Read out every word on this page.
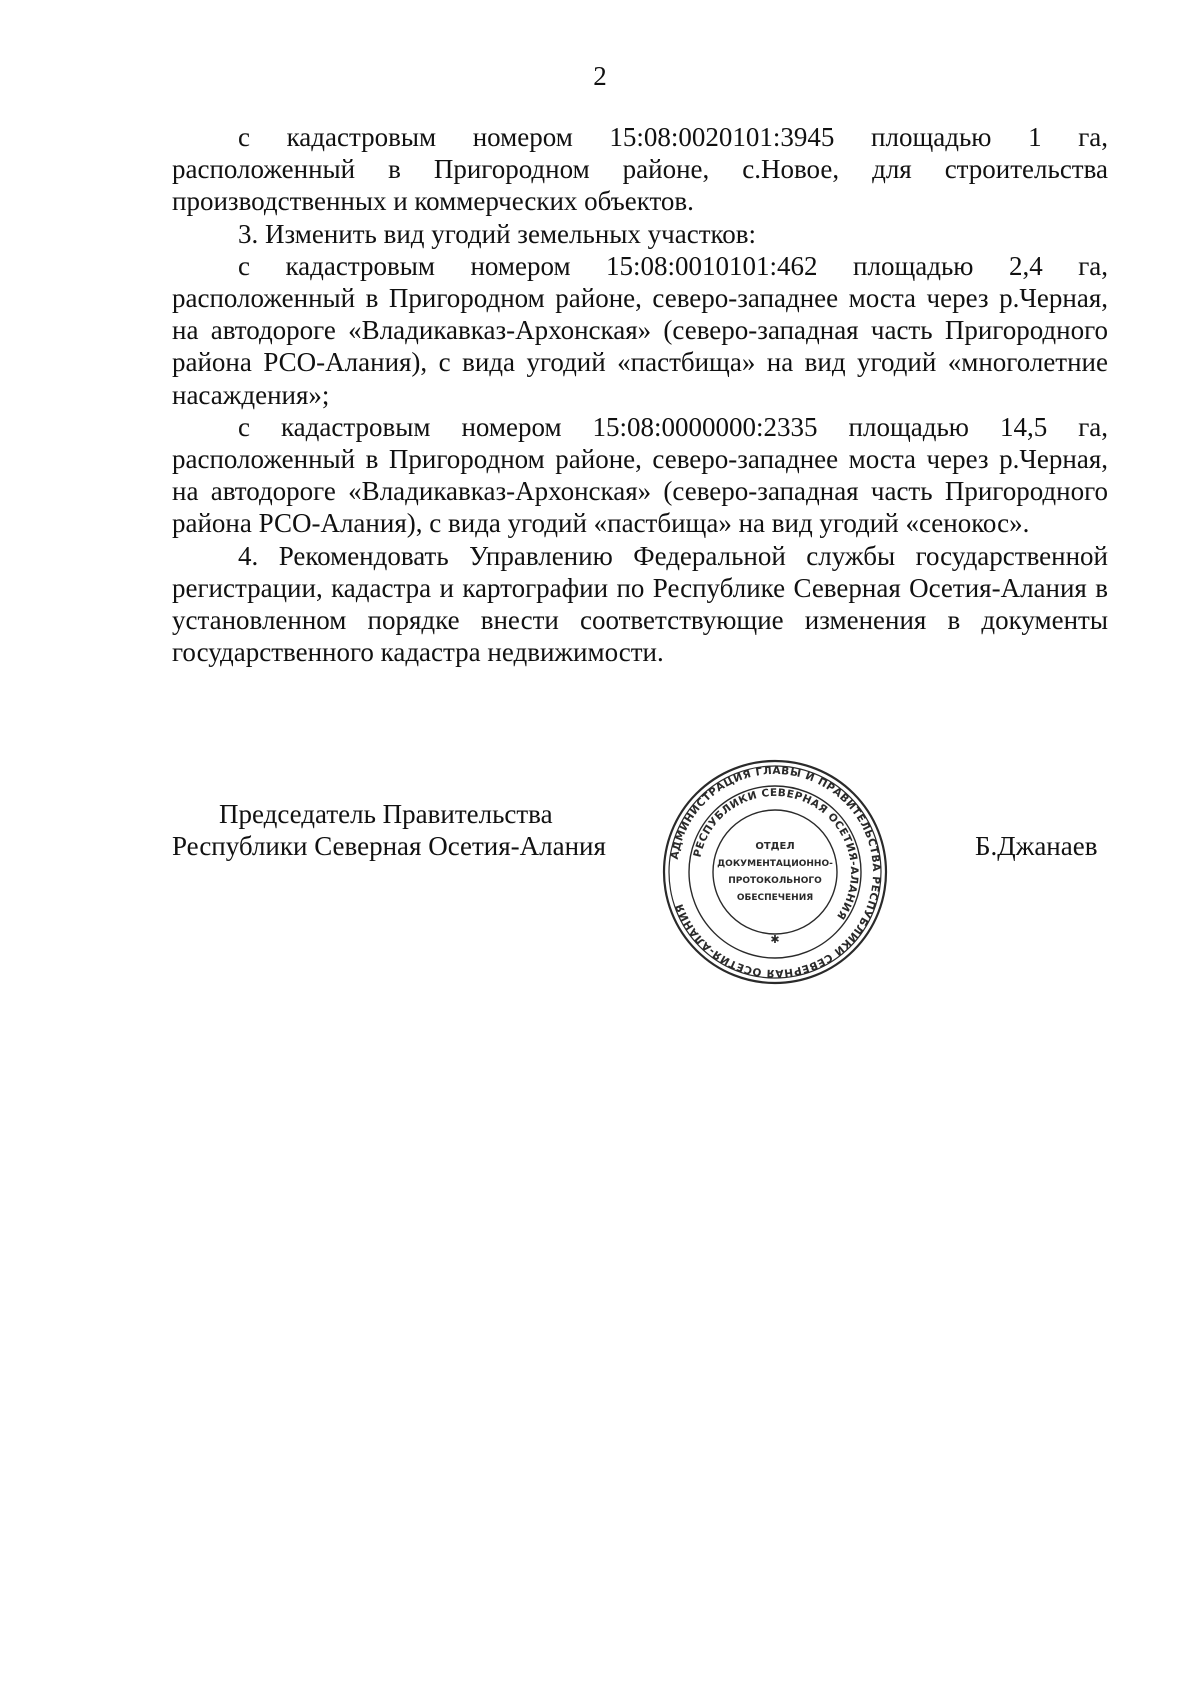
2

с кадастровым номером 15:08:0020101:3945 площадью 1 га, расположенный в Пригородном районе, с.Новое, для строительства производственных и коммерческих объектов.

3. Изменить вид угодий земельных участков:

с кадастровым номером 15:08:0010101:462 площадью 2,4 га, расположенный в Пригородном районе, северо-западнее моста через р.Черная, на автодороге «Владикавказ-Архонская» (северо-западная часть Пригородного района РСО-Алания), с вида угодий «пастбища» на вид угодий «многолетние насаждения»;

с кадастровым номером 15:08:0000000:2335 площадью 14,5 га, расположенный в Пригородном районе, северо-западнее моста через р.Черная, на автодороге «Владикавказ-Архонская» (северо-западная часть Пригородного района РСО-Алания), с вида угодий «пастбища» на вид угодий «сенокос».

4. Рекомендовать Управлению Федеральной службы государственной регистрации, кадастра и картографии по Республике Северная Осетия-Алания в установленном порядке внести соответствующие изменения в документы государственного кадастра недвижимости.

Председатель Правительства
Республики Северная Осетия-Алания	АДМИНИСТРАЦИЯ ГЛАВЫ И ПРАВИТЕЛЬСТВА РЕСПУБЛИКИ СЕВЕРНАЯ ОСЕТИЯ-АЛАНИЯ
РЕСПУБЛИКИ СЕВЕРНАЯ ОСЕТИЯ-АЛАНИЯ
ОТДЕЛ
ДОКУМЕНТАЦИОННО-
ПРОТОКОЛЬНОГО
ОБЕСПЕЧЕНИЯ
✱
Б.Джанаев
